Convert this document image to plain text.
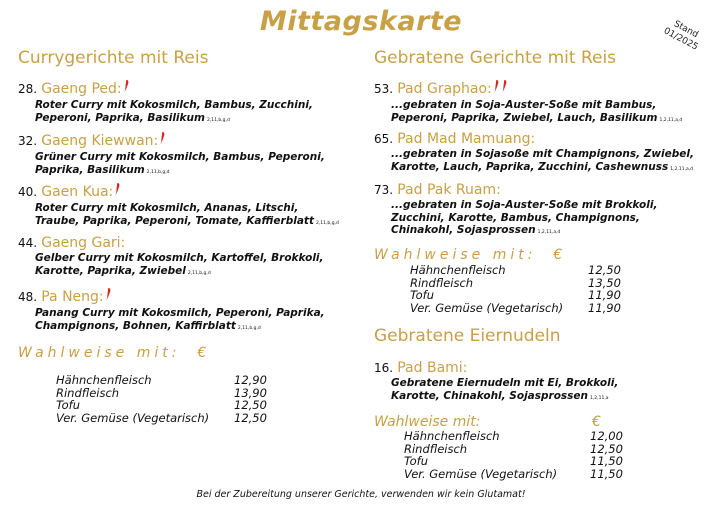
Mittagskarte	Stand 01/2025
Currygerichte mit Reis
28. Gaeng Ped:
Roter Curry mit Kokosmilch, Bambus, Zucchini,
Peperoni, Paprika, Basilikum 2,11,b,g,d
32. Gaeng Kiewwan:
Grüner Curry mit Kokosmilch, Bambus, Peperoni,
Paprika, Basilikum 2,11,b,g,d
40. Gaen Kua:
Roter Curry mit Kokosmilch, Ananas, Litschi,
Traube, Paprika, Peperoni, Tomate, Kaffierblatt 2,11,b,g,d
44. Gaeng Gari:
Gelber Curry mit Kokosmilch, Kartoffel, Brokkoli,
Karotte, Paprika, Zwiebel 2,11,b,g,d
48. Pa Neng:
Panang Curry mit Kokosmilch, Peperoni, Paprika,
Champignons, Bohnen, Kaffirblatt 2,11,b,g,d
Wahlweise mit: €
Hähnchenfleisch	12,90
Rindfleisch	13,90
Tofu	12,50
Ver. Gemüse (Vegetarisch)	12,50
Gebratene Gerichte mit Reis
53. Pad Graphao:
...gebraten in Soja-Auster-Soße mit Bambus,
Peperoni, Paprika, Zwiebel, Lauch, Basilikum 1,2,11,a,d
65. Pad Mad Mamuang:
...gebraten in Sojasoße mit Champignons, Zwiebel,
Karotte, Lauch, Paprika, Zucchini, Cashewnuss 1,2,11,a,d
73. Pad Pak Ruam:
...gebraten in Soja-Auster-Soße mit Brokkoli,
Zucchini, Karotte, Bambus, Champignons,
Chinakohl, Sojasprossen 1,2,11,a,d
Wahlweise mit: €
Hähnchenfleisch	12,50
Rindfleisch	13,50
Tofu	11,90
Ver. Gemüse (Vegetarisch)	11,90
Gebratene Eiernudeln
16. Pad Bami:
Gebratene Eiernudeln mit Ei, Brokkoli,
Karotte, Chinakohl, Sojasprossen 1,2,11,a
Wahlweise mit:	€
Hähnchenfleisch	12,00
Rindfleisch	12,50
Tofu	11,50
Ver. Gemüse (Vegetarisch)	11,50
Bei der Zubereitung unserer Gerichte, verwenden wir kein Glutamat!
